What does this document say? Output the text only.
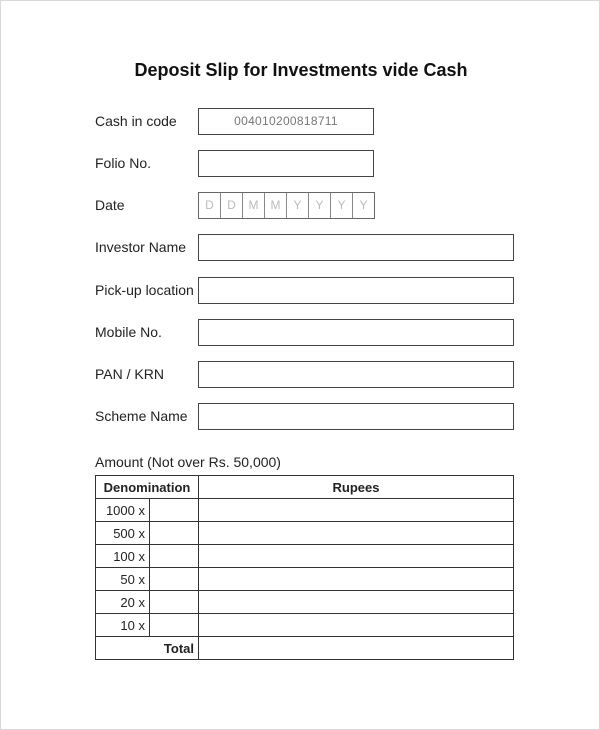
Deposit Slip for Investments vide Cash
Cash in code	004010200818711
Folio No.
Date	D	D	M	M	Y	Y	Y	Y
Investor Name
Pick-up location
Mobile No.
PAN / KRN
Scheme Name
Amount (Not over Rs. 50,000)
Denomination		Rupees
1000 x		
500 x		
100 x		
50 x		
20 x		
10 x		
Total		
